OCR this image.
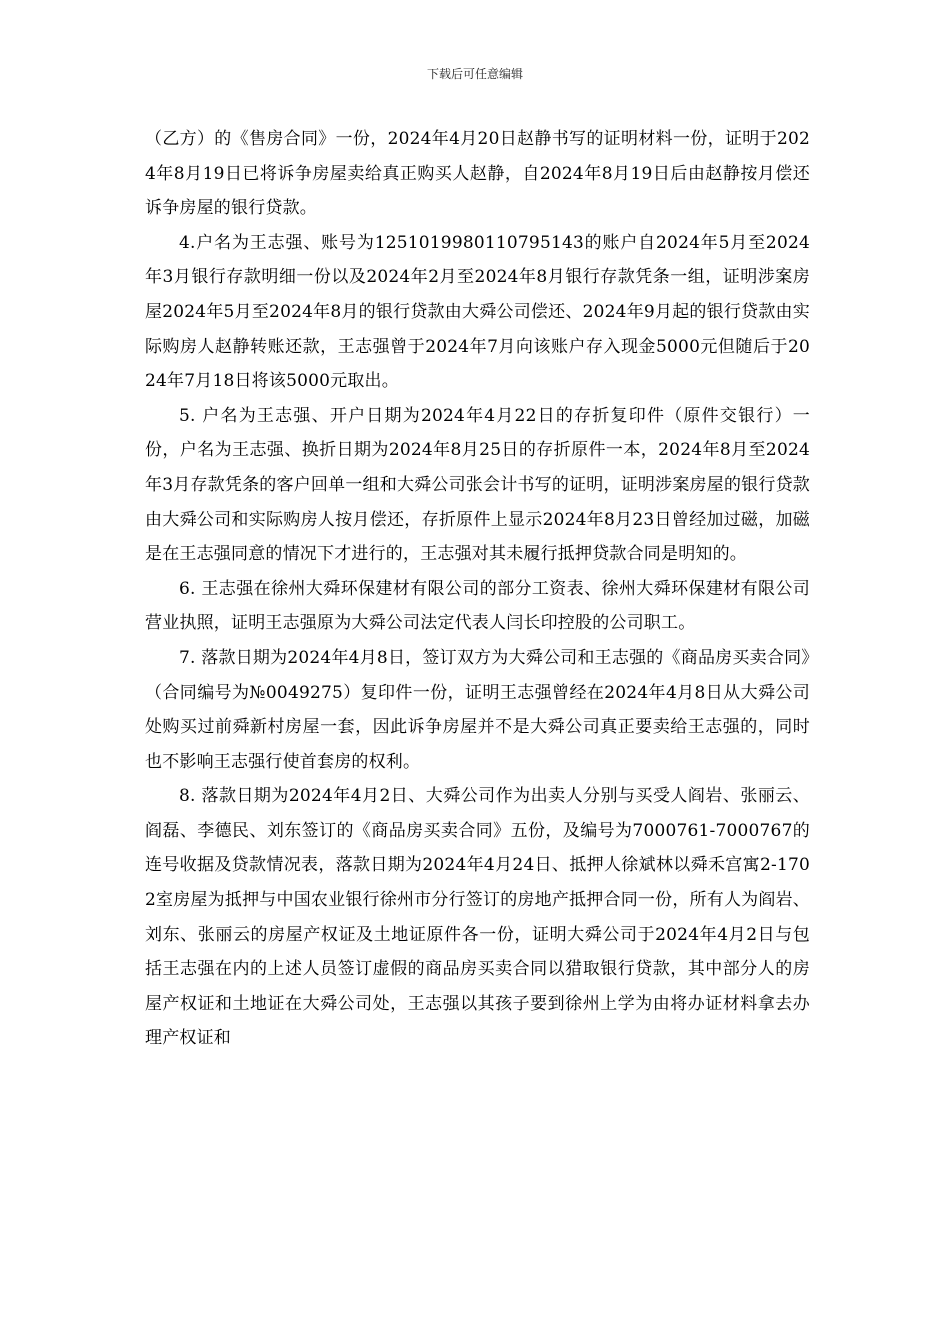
下载后可任意编辑

（乙方）的《售房合同》一份，2024年4月20日赵静书写的证明材料一份，证明于2024年8月19日已将诉争房屋卖给真正购买人赵静，自2024年8月19日后由赵静按月偿还诉争房屋的银行贷款。

4.户名为王志强、账号为125101998011079514​3的账户自2024年5月至2024年3月银行存款明细一份以及2024年2月至2024年8月银行存款凭条一组，证明涉案房屋2024年5月至2024年8月的银行贷款由大舜公司偿还、2024年9月起的银行贷款由实际购房人赵静转账还款，王志强曾于2024年7月向该账户存入现金5000元但随后于2024年7月18日将该5000元取出。

5. 户名为王志强、开户日期为2024年4月22日的存折复印件（原件交银行）一份，户名为王志强、换折日期为2024年8月25日的存折原件一本，2024年8月至2024年3月存款凭条的客户回单一组和大舜公司张会计书写的证明，证明涉案房屋的银行贷款由大舜公司和实际购房人按月偿还，存折原件上显示2024年8月23日曾经加过磁，加磁是在王志强同意的情况下才进行的，王志强对其未履行抵押贷款合同是明知的。

6. 王志强在徐州大舜环保建材有限公司的部分工资表、徐州大舜环保建材有限公司营业执照，证明王志强原为大舜公司法定代表人闫长印控股的公司职工。

7. 落款日期为2024年4月8日，签订双方为大舜公司和王志强的《商品房买卖合同》（合同编号为№0049275）复印件一份，证明王志强曾经在2024年4月8日从大舜公司处购买过前舜新村房屋一套，因此诉争房屋并不是大舜公司真正要卖给王志强的，同时也不影响王志强行使首套房的权利。

8. 落款日期为2024年4月2日、大舜公司作为出卖人分别与买受人阎岩、张丽云、阎磊、李德民、刘东签订的《商品房买卖合同》五份，及编号为7000761-7000767的连号收据及贷款情况表，落款日期为2024年4月24日、抵押人徐斌林以舜禾宫寓2-1702室房屋为抵押与中国农业银行徐州市分行签订的房地产抵押合同一份，所有人为阎岩、刘东、张丽云的房屋产权证及土地证原件各一份，证明大舜公司于2024年4月2日与包括王志强在内的上述人员签订虚假的商品房买卖合同以猎取银行贷款，其中部分人的房屋产权证和土地证在大舜公司处，王志强以其孩子要到徐州上学为由将办证材料拿去办理产权证和
